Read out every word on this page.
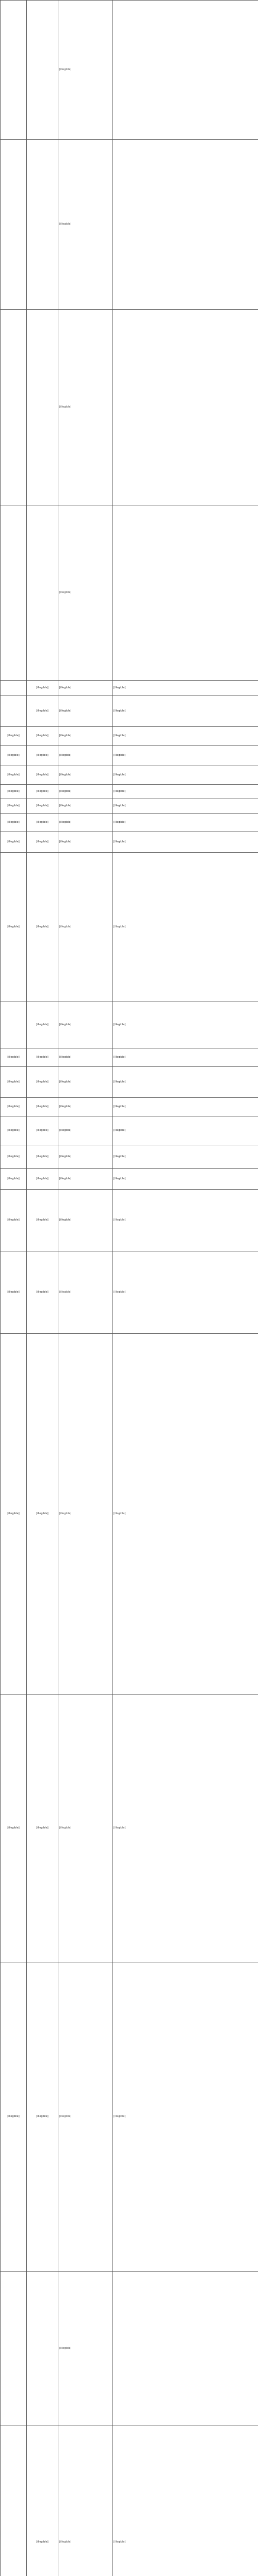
		[illegible]	

		[illegible]	

		[illegible]	

		[illegible]	

	[illegible]	[illegible]	[illegible]
	[illegible]	[illegible]	[illegible]
[illegible]	[illegible]	[illegible]	[illegible]
[illegible]	[illegible]	[illegible]	[illegible]
[illegible]	[illegible]	[illegible]	[illegible]
[illegible]	[illegible]	[illegible]	[illegible]
[illegible]	[illegible]	[illegible]	[illegible]
[illegible]	[illegible]	[illegible]	[illegible]
[illegible]	[illegible]	[illegible]	[illegible]
[illegible]	[illegible]	[illegible]	[illegible]

	[illegible]	[illegible]	[illegible]
[illegible]	[illegible]	[illegible]	[illegible]
[illegible]	[illegible]	[illegible]	[illegible]
[illegible]	[illegible]	[illegible]	[illegible]
[illegible]	[illegible]	[illegible]	[illegible]
[illegible]	[illegible]	[illegible]	[illegible]
[illegible]	[illegible]	[illegible]	[illegible]
[illegible]	[illegible]	[illegible]	[illegible]

[illegible]	[illegible]	[illegible]	[illegible]

[illegible]	[illegible]	[illegible]	[illegible]

[illegible]	[illegible]	[illegible]	[illegible]

[illegible]	[illegible]	[illegible]	[illegible]

		[illegible]	

	[illegible]	[illegible]	[illegible]
